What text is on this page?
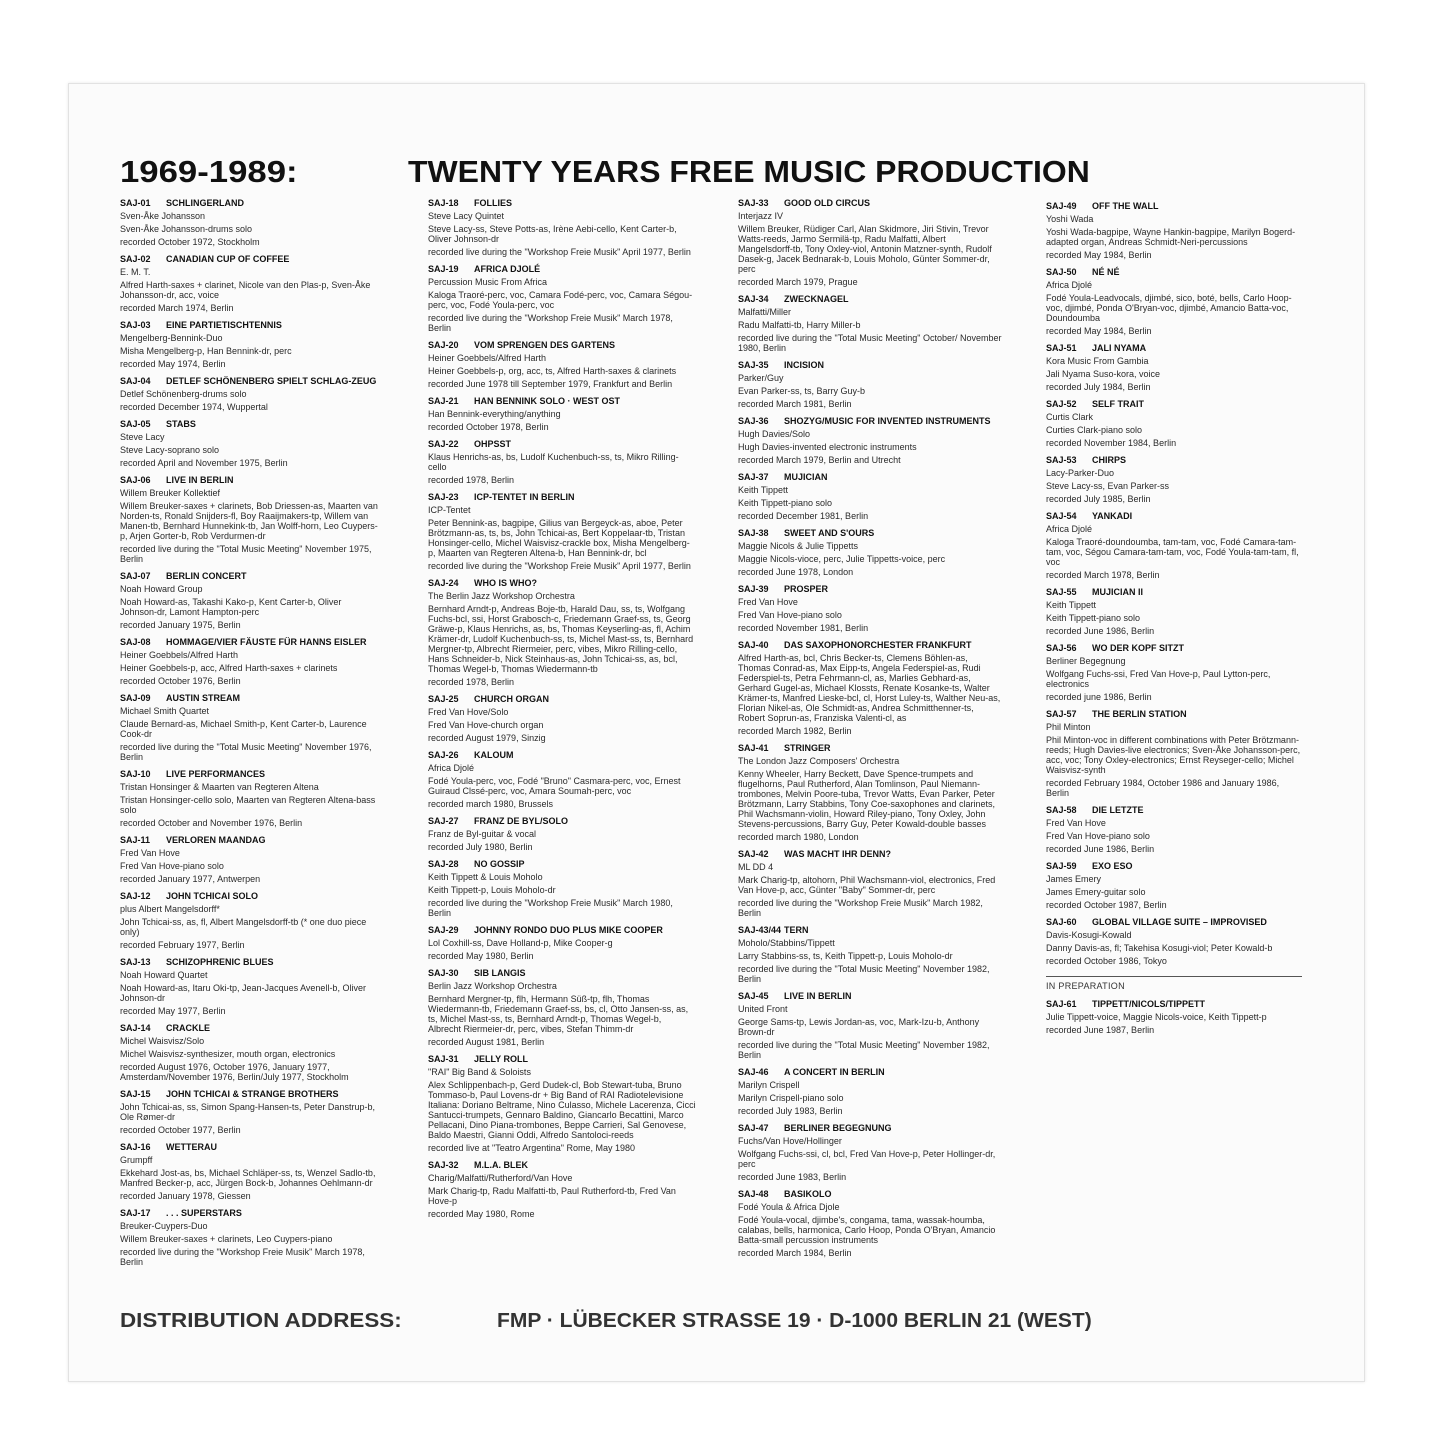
1969-1989:	TWENTY YEARS FREE MUSIC PRODUCTION
SAJ-01 SCHLINGERLAND
Sven-Åke Johansson
Sven-Åke Johansson-drums solo
recorded October 1972, Stockholm
SAJ-02 CANADIAN CUP OF COFFEE
E. M. T.
Alfred Harth-saxes + clarinet, Nicole van den Plas-p, Sven-Åke Johansson-dr, acc, voice
recorded March 1974, Berlin
SAJ-03 EINE PARTIETISCHTENNIS
Mengelberg-Bennink-Duo
Misha Mengelberg-p, Han Bennink-dr, perc
recorded May 1974, Berlin
SAJ-04 DETLEF SCHÖNENBERG SPIELT SCHLAG-ZEUG
Detlef Schönenberg-drums solo
recorded December 1974, Wuppertal
SAJ-05 STABS
Steve Lacy
Steve Lacy-soprano solo
recorded April and November 1975, Berlin
SAJ-06 LIVE IN BERLIN
Willem Breuker Kollektief
Willem Breuker-saxes + clarinets, Bob Driessen-as, Maarten van Norden-ts, Ronald Snijders-fl, Boy Raaijmakers-tp, Willem van Manen-tb, Bernhard Hunnekink-tb, Jan Wolff-horn, Leo Cuypers-p, Arjen Gorter-b, Rob Verdurmen-dr
recorded live during the "Total Music Meeting" November 1975, Berlin
SAJ-07 BERLIN CONCERT
Noah Howard Group
Noah Howard-as, Takashi Kako-p, Kent Carter-b, Oliver Johnson-dr, Lamont Hampton-perc
recorded January 1975, Berlin
SAJ-08 HOMMAGE/VIER FÄUSTE FÜR HANNS EISLER
Heiner Goebbels/Alfred Harth
Heiner Goebbels-p, acc, Alfred Harth-saxes + clarinets
recorded October 1976, Berlin
SAJ-09 AUSTIN STREAM
Michael Smith Quartet
Claude Bernard-as, Michael Smith-p, Kent Carter-b, Laurence Cook-dr
recorded live during the "Total Music Meeting" November 1976, Berlin
SAJ-10 LIVE PERFORMANCES
Tristan Honsinger & Maarten van Regteren Altena
Tristan Honsinger-cello solo, Maarten van Regteren Altena-bass solo
recorded October and November 1976, Berlin
SAJ-11 VERLOREN MAANDAG
Fred Van Hove
Fred Van Hove-piano solo
recorded January 1977, Antwerpen
SAJ-12 JOHN TCHICAI SOLO
plus Albert Mangelsdorff*
John Tchicai-ss, as, fl, Albert Mangelsdorff-tb (* one duo piece only)
recorded February 1977, Berlin
SAJ-13 SCHIZOPHRENIC BLUES
Noah Howard Quartet
Noah Howard-as, Itaru Oki-tp, Jean-Jacques Avenell-b, Oliver Johnson-dr
recorded May 1977, Berlin
SAJ-14 CRACKLE
Michel Waisvisz/Solo
Michel Waisvisz-synthesizer, mouth organ, electronics
recorded August 1976, October 1976, January 1977, Amsterdam/November 1976, Berlin/July 1977, Stockholm
SAJ-15 JOHN TCHICAI & STRANGE BROTHERS
John Tchicai-as, ss, Simon Spang-Hansen-ts, Peter Danstrup-b, Ole Rømer-dr
recorded October 1977, Berlin
SAJ-16 WETTERAU
Grumpff
Ekkehard Jost-as, bs, Michael Schläper-ss, ts, Wenzel Sadlo-tb, Manfred Becker-p, acc, Jürgen Bock-b, Johannes Oehlmann-dr
recorded January 1978, Giessen
SAJ-17 . . . SUPERSTARS
Breuker-Cuypers-Duo
Willem Breuker-saxes + clarinets, Leo Cuypers-piano
recorded live during the "Workshop Freie Musik" March 1978, Berlin
SAJ-18 FOLLIES
Steve Lacy Quintet
Steve Lacy-ss, Steve Potts-as, Irène Aebi-cello, Kent Carter-b, Oliver Johnson-dr
recorded live during the "Workshop Freie Musik" April 1977, Berlin
SAJ-19 AFRICA DJOLÉ
Percussion Music From Africa
Kaloga Traoré-perc, voc, Camara Fodé-perc, voc, Camara Ségou-perc, voc, Fodé Youla-perc, voc
recorded live during the "Workshop Freie Musik" March 1978, Berlin
SAJ-20 VOM SPRENGEN DES GARTENS
Heiner Goebbels/Alfred Harth
Heiner Goebbels-p, org, acc, ts, Alfred Harth-saxes & clarinets
recorded June 1978 till September 1979, Frankfurt and Berlin
SAJ-21 HAN BENNINK SOLO · WEST OST
Han Bennink-everything/anything
recorded October 1978, Berlin
SAJ-22 OHPSST
Klaus Henrichs-as, bs, Ludolf Kuchenbuch-ss, ts, Mikro Rilling-cello
recorded 1978, Berlin
SAJ-23 ICP-TENTET IN BERLIN
ICP-Tentet
Peter Bennink-as, bagpipe, Gilius van Bergeyck-as, aboe, Peter Brötzmann-as, ts, bs, John Tchicai-as, Bert Koppelaar-tb, Tristan Honsinger-cello, Michel Waisvisz-crackle box, Misha Mengelberg-p, Maarten van Regteren Altena-b, Han Bennink-dr, bcl
recorded live during the "Workshop Freie Musik" April 1977, Berlin
SAJ-24 WHO IS WHO?
The Berlin Jazz Workshop Orchestra
Bernhard Arndt-p, Andreas Boje-tb, Harald Dau, ss, ts, Wolfgang Fuchs-bcl, ssi, Horst Grabosch-c, Friedemann Graef-ss, ts, Georg Gräwe-p, Klaus Henrichs, as, bs, Thomas Keyserling-as, fl, Achim Krämer-dr, Ludolf Kuchenbuch-ss, ts, Michel Mast-ss, ts, Bernhard Mergner-tp, Albrecht Riermeier, perc, vibes, Mikro Rilling-cello, Hans Schneider-b, Nick Steinhaus-as, John Tchicai-ss, as, bcl, Thomas Wegel-b, Thomas Wiedermann-tb
recorded 1978, Berlin
SAJ-25 CHURCH ORGAN
Fred Van Hove/Solo
Fred Van Hove-church organ
recorded August 1979, Sinzig
SAJ-26 KALOUM
Africa Djolé
Fodé Youla-perc, voc, Fodé "Bruno" Casmara-perc, voc, Ernest Guiraud Clssé-perc, voc, Amara Soumah-perc, voc
recorded march 1980, Brussels
SAJ-27 FRANZ DE BYL/SOLO
Franz de Byl-guitar & vocal
recorded July 1980, Berlin
SAJ-28 NO GOSSIP
Keith Tippett & Louis Moholo
Keith Tippett-p, Louis Moholo-dr
recorded live during the "Workshop Freie Musik" March 1980, Berlin
SAJ-29 JOHNNY RONDO DUO PLUS MIKE COOPER
Lol Coxhill-ss, Dave Holland-p, Mike Cooper-g
recorded May 1980, Berlin
SAJ-30 SIB LANGIS
Berlin Jazz Workshop Orchestra
Bernhard Mergner-tp, flh, Hermann Süß-tp, flh, Thomas Wiedermann-tb, Friedemann Graef-ss, bs, cl, Otto Jansen-ss, as, ts, Michel Mast-ss, ts, Bernhard Arndt-p, Thomas Wegel-b, Albrecht Riermeier-dr, perc, vibes, Stefan Thimm-dr
recorded August 1981, Berlin
SAJ-31 JELLY ROLL
"RAI" Big Band & Soloists
Alex Schlippenbach-p, Gerd Dudek-cl, Bob Stewart-tuba, Bruno Tommaso-b, Paul Lovens-dr + Big Band of RAI Radiotelevisione Italiana: Doriano Beltrame, Nino Culasso, Michele Lacerenza, Cicci Santucci-trumpets, Gennaro Baldino, Giancarlo Becattini, Marco Pellacani, Dino Piana-trombones, Beppe Carrieri, Sal Genovese, Baldo Maestri, Gianni Oddi, Alfredo Santoloci-reeds
recorded live at "Teatro Argentina" Rome, May 1980
SAJ-32 M.L.A. BLEK
Charig/Malfatti/Rutherford/Van Hove
Mark Charig-tp, Radu Malfatti-tb, Paul Rutherford-tb, Fred Van Hove-p
recorded May 1980, Rome
SAJ-33 GOOD OLD CIRCUS
Interjazz IV
Willem Breuker, Rüdiger Carl, Alan Skidmore, Jiri Stivin, Trevor Watts-reeds, Jarmo Sermilä-tp, Radu Malfatti, Albert Mangelsdorff-tb, Tony Oxley-viol, Antonin Matzner-synth, Rudolf Dasek-g, Jacek Bednarak-b, Louis Moholo, Günter Sommer-dr, perc
recorded March 1979, Prague
SAJ-34 ZWECKNAGEL
Malfatti/Miller
Radu Malfatti-tb, Harry Miller-b
recorded live during the "Total Music Meeting" October/ November 1980, Berlin
SAJ-35 INCISION
Parker/Guy
Evan Parker-ss, ts, Barry Guy-b
recorded March 1981, Berlin
SAJ-36 SHOZYG/MUSIC FOR INVENTED INSTRUMENTS
Hugh Davies/Solo
Hugh Davies-invented electronic instruments
recorded March 1979, Berlin and Utrecht
SAJ-37 MUJICIAN
Keith Tippett
Keith Tippett-piano solo
recorded December 1981, Berlin
SAJ-38 SWEET AND S'OURS
Maggie Nicols & Julie Tippetts
Maggie Nicols-vioce, perc, Julie Tippetts-voice, perc
recorded June 1978, London
SAJ-39 PROSPER
Fred Van Hove
Fred Van Hove-piano solo
recorded November 1981, Berlin
SAJ-40 DAS SAXOPHONORCHESTER FRANKFURT
Alfred Harth-as, bcl, Chris Becker-ts, Clemens Böhlen-as, Thomas Conrad-as, Max Eipp-ts, Angela Federspiel-as, Rudi Federspiel-ts, Petra Fehrmann-cl, as, Marlies Gebhard-as, Gerhard Gugel-as, Michael Klossts, Renate Kosanke-ts, Walter Krämer-ts, Manfred Lieske-bcl, cl, Horst Luley-ts, Walther Neu-as, Florian Nikel-as, Ole Schmidt-as, Andrea Schmitthenner-ts, Robert Soprun-as, Franziska Valenti-cl, as
recorded March 1982, Berlin
SAJ-41 STRINGER
The London Jazz Composers' Orchestra
Kenny Wheeler, Harry Beckett, Dave Spence-trumpets and flugelhorns, Paul Rutherford, Alan Tomlinson, Paul Niemann-trombones, Melvin Poore-tuba, Trevor Watts, Evan Parker, Peter Brötzmann, Larry Stabbins, Tony Coe-saxophones and clarinets, Phil Wachsmann-violin, Howard Riley-piano, Tony Oxley, John Stevens-percussions, Barry Guy, Peter Kowald-double basses
recorded march 1980, London
SAJ-42 WAS MACHT IHR DENN?
ML DD 4
Mark Charig-tp, altohorn, Phil Wachsmann-viol, electronics, Fred Van Hove-p, acc, Günter "Baby" Sommer-dr, perc
recorded live during the "Workshop Freie Musik" March 1982, Berlin
SAJ-43/44 TERN
Moholo/Stabbins/Tippett
Larry Stabbins-ss, ts, Keith Tippett-p, Louis Moholo-dr
recorded live during the "Total Music Meeting" November 1982, Berlin
SAJ-45 LIVE IN BERLIN
United Front
George Sams-tp, Lewis Jordan-as, voc, Mark-Izu-b, Anthony Brown-dr
recorded live during the "Total Music Meeting" November 1982, Berlin
SAJ-46 A CONCERT IN BERLIN
Marilyn Crispell
Marilyn Crispell-piano solo
recorded July 1983, Berlin
SAJ-47 BERLINER BEGEGNUNG
Fuchs/Van Hove/Hollinger
Wolfgang Fuchs-ssi, cl, bcl, Fred Van Hove-p, Peter Hollinger-dr, perc
recorded June 1983, Berlin
SAJ-48 BASIKOLO
Fodé Youla & Africa Djole
Fodé Youla-vocal, djimbe's, congama, tama, wassak-houmba, calabas, bells, harmonica, Carlo Hoop, Ponda O'Bryan, Amancio Batta-small percussion instruments
recorded March 1984, Berlin
SAJ-49 OFF THE WALL
Yoshi Wada
Yoshi Wada-bagpipe, Wayne Hankin-bagpipe, Marilyn Bogerd-adapted organ, Andreas Schmidt-Neri-percussions
recorded May 1984, Berlin
SAJ-50 NÉ NÉ
Africa Djolé
Fodé Youla-Leadvocals, djimbé, sico, boté, bells, Carlo Hoop-voc, djimbé, Ponda O'Bryan-voc, djimbé, Amancio Batta-voc, Doundoumba
recorded May 1984, Berlin
SAJ-51 JALI NYAMA
Kora Music From Gambia
Jali Nyama Suso-kora, voice
recorded July 1984, Berlin
SAJ-52 SELF TRAIT
Curtis Clark
Curties Clark-piano solo
recorded November 1984, Berlin
SAJ-53 CHIRPS
Lacy-Parker-Duo
Steve Lacy-ss, Evan Parker-ss
recorded July 1985, Berlin
SAJ-54 YANKADI
Africa Djolé
Kaloga Traoré-doundoumba, tam-tam, voc, Fodé Camara-tam-tam, voc, Ségou Camara-tam-tam, voc, Fodé Youla-tam-tam, fl, voc
recorded March 1978, Berlin
SAJ-55 MUJICIAN II
Keith Tippett
Keith Tippett-piano solo
recorded June 1986, Berlin
SAJ-56 WO DER KOPF SITZT
Berliner Begegnung
Wolfgang Fuchs-ssi, Fred Van Hove-p, Paul Lytton-perc, electronics
recorded june 1986, Berlin
SAJ-57 THE BERLIN STATION
Phil Minton
Phil Minton-voc in different combinations with Peter Brötzmann-reeds; Hugh Davies-live electronics; Sven-Åke Johansson-perc, acc, voc; Tony Oxley-electronics; Ernst Reyseger-cello; Michel Waisvisz-synth
recorded February 1984, October 1986 and January 1986, Berlin
SAJ-58 DIE LETZTE
Fred Van Hove
Fred Van Hove-piano solo
recorded June 1986, Berlin
SAJ-59 EXO ESO
James Emery
James Emery-guitar solo
recorded October 1987, Berlin
SAJ-60 GLOBAL VILLAGE SUITE – IMPROVISED
Davis-Kosugi-Kowald
Danny Davis-as, fl; Takehisa Kosugi-viol; Peter Kowald-b
recorded October 1986, Tokyo
IN PREPARATION
SAJ-61 TIPPETT/NICOLS/TIPPETT
Julie Tippett-voice, Maggie Nicols-voice, Keith Tippett-p
recorded June 1987, Berlin
DISTRIBUTION ADDRESS:	FMP · LÜBECKER STRASSE 19 · D-1000 BERLIN 21 (WEST)
